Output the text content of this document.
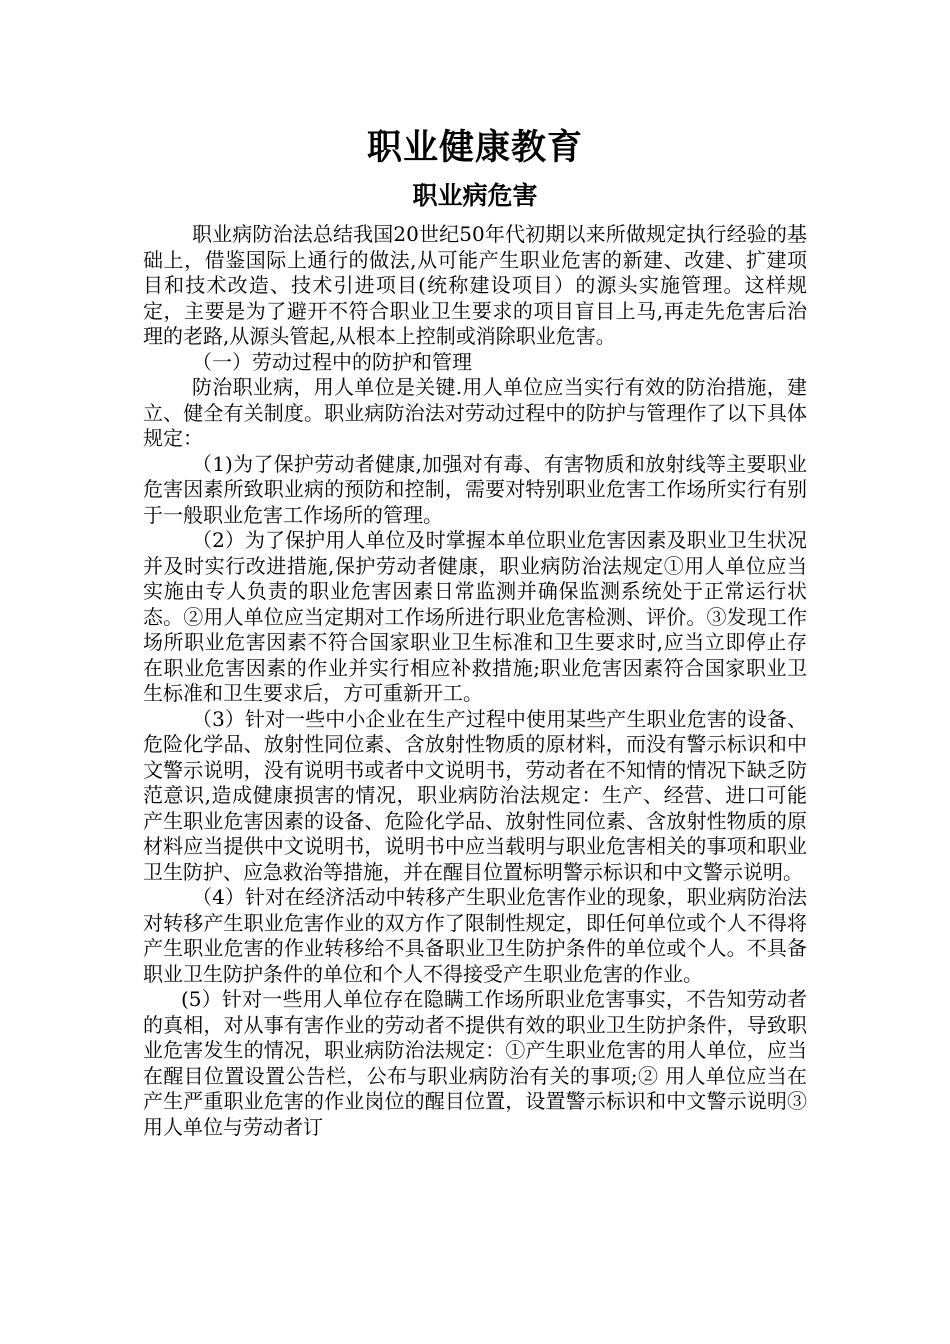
职业健康教育
职业病危害

职业病防治法总结我国20世纪50年代初期以来所做规定执行经验的基础上，借鉴国际上通行的做法,从可能产生职业危害的新建、改建、扩建项目和技术改造、技术引进项目(统称建设项目）的源头实施管理。这样规定，主要是为了避开不符合职业卫生要求的项目盲目上马,再走先危害后治理的老路,从源头管起,从根本上控制或消除职业危害。

（一）劳动过程中的防护和管理

防治职业病，用人单位是关键.用人单位应当实行有效的防治措施，建立、健全有关制度。职业病防治法对劳动过程中的防护与管理作了以下具体规定：

（1)为了保护劳动者健康,加强对有毒、有害物质和放射线等主要职业危害因素所致职业病的预防和控制，需要对特别职业危害工作场所实行有别于一般职业危害工作场所的管理。

（2）为了保护用人单位及时掌握本单位职业危害因素及职业卫生状况并及时实行改进措施,保护劳动者健康，职业病防治法规定①用人单位应当实施由专人负责的职业危害因素日常监测并确保监测系统处于正常运行状态。②用人单位应当定期对工作场所进行职业危害检测、评价。③发现工作场所职业危害因素不符合国家职业卫生标准和卫生要求时,应当立即停止存在职业危害因素的作业并实行相应补救措施;职业危害因素符合国家职业卫生标准和卫生要求后，方可重新开工。

（3）针对一些中小企业在生产过程中使用某些产生职业危害的设备、危险化学品、放射性同位素、含放射性物质的原材料，而没有警示标识和中文警示说明，没有说明书或者中文说明书，劳动者在不知情的情况下缺乏防范意识,造成健康损害的情况，职业病防治法规定：生产、经营、进口可能产生职业危害因素的设备、危险化学品、放射性同位素、含放射性物质的原材料应当提供中文说明书，说明书中应当载明与职业危害相关的事项和职业卫生防护、应急救治等措施，并在醒目位置标明警示标识和中文警示说明。

（4）针对在经济活动中转移产生职业危害作业的现象，职业病防治法对转移产生职业危害作业的双方作了限制性规定，即任何单位或个人不得将产生职业危害的作业转移给不具备职业卫生防护条件的单位或个人。不具备职业卫生防护条件的单位和个人不得接受产生职业危害的作业。

(5）针对一些用人单位存在隐瞒工作场所职业危害事实，不告知劳动者的真相，对从事有害作业的劳动者不提供有效的职业卫生防护条件，导致职业危害发生的情况，职业病防治法规定：①产生职业危害的用人单位，应当在醒目位置设置公告栏，公布与职业病防治有关的事项;② 用人单位应当在产生严重职业危害的作业岗位的醒目位置，设置警示标识和中文警示说明③用人单位与劳动者订
